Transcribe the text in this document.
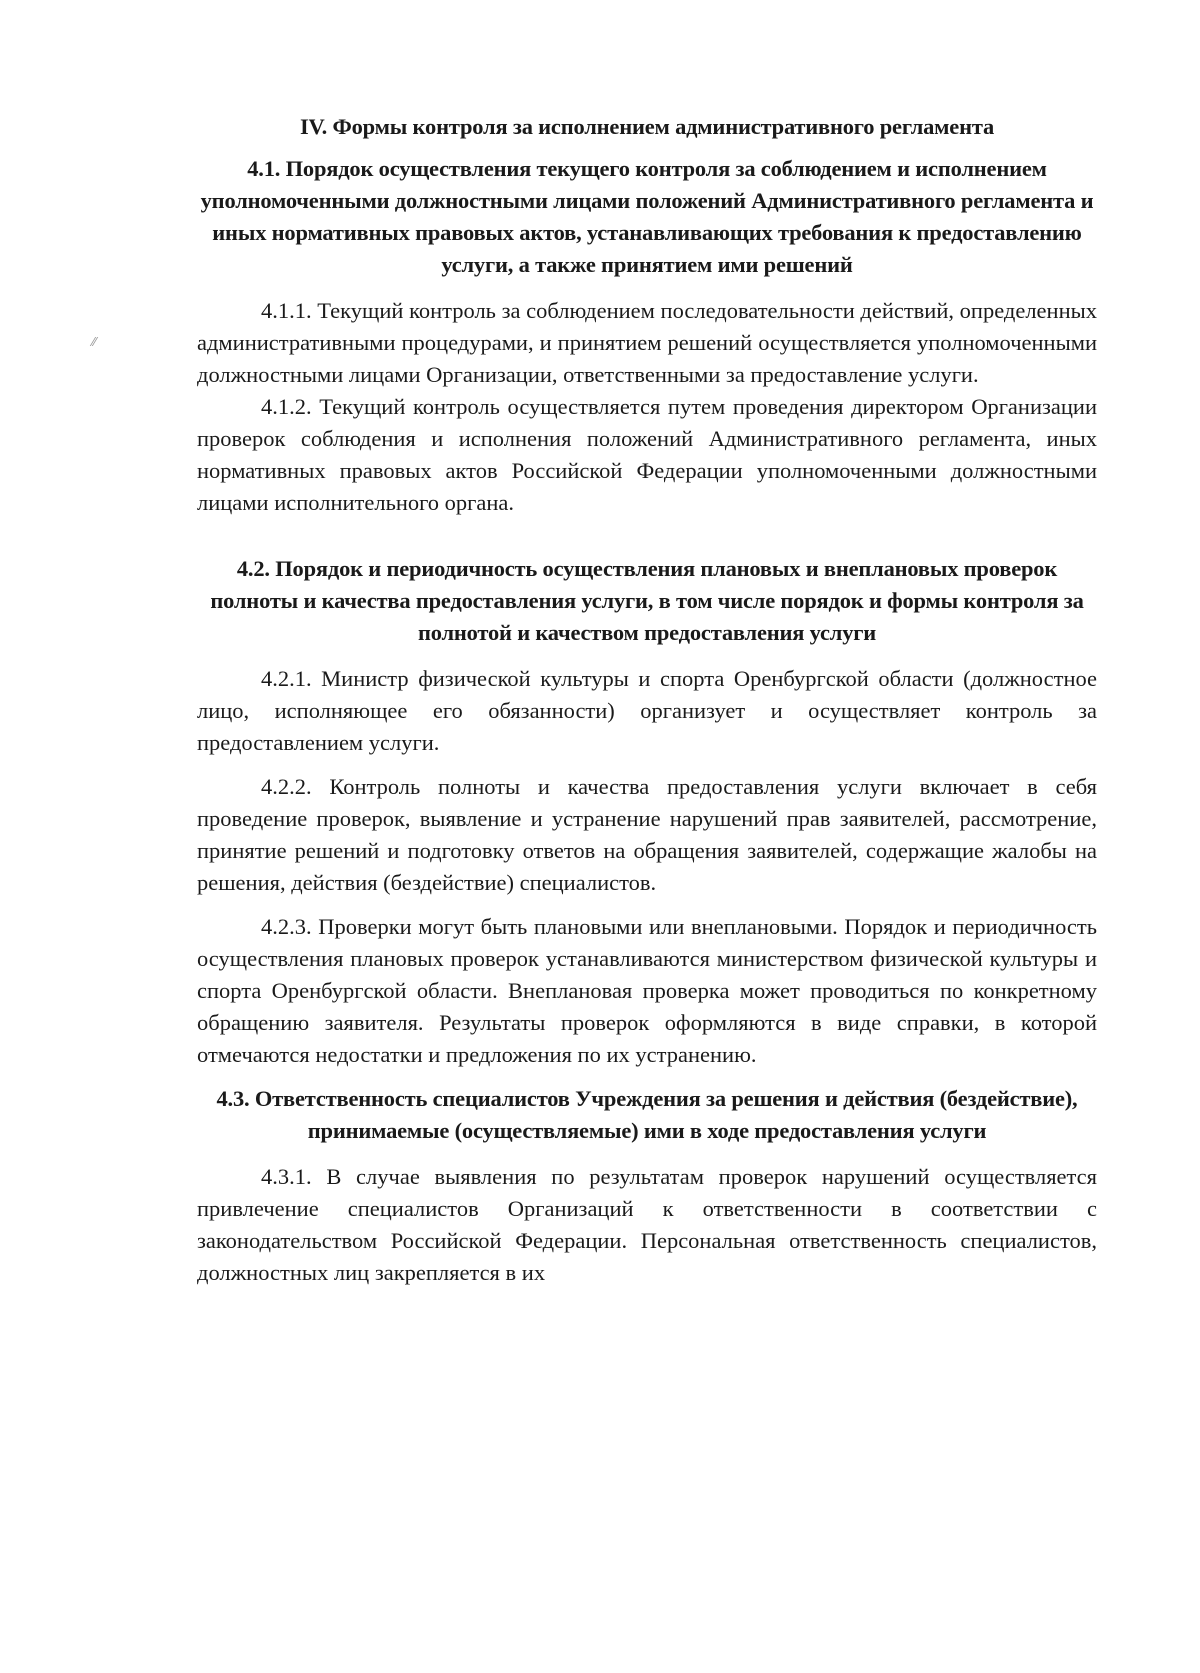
⁄⁄
IV. Формы контроля за исполнением административного регламента
4.1. Порядок осуществления текущего контроля за соблюдением и исполнением уполномоченными должностными лицами положений Административного регламента и иных нормативных правовых актов, устанавливающих требования к предоставлению услуги, а также принятием ими решений

4.1.1. Текущий контроль за соблюдением последовательности действий, определенных административными процедурами, и принятием решений осуществляется уполномоченными должностными лицами Организации, ответственными за предоставление услуги.

4.1.2. Текущий контроль осуществляется путем проведения директором Организации проверок соблюдения и исполнения положений Административного регламента, иных нормативных правовых актов Российской Федерации уполномоченными должностными лицами исполнительного органа.

4.2. Порядок и периодичность осуществления плановых и внеплановых проверок полноты и качества предоставления услуги, в том числе порядок и формы контроля за полнотой и качеством предоставления услуги

4.2.1. Министр физической культуры и спорта Оренбургской области (должностное лицо, исполняющее его обязанности) организует и осуществляет контроль за предоставлением услуги.

4.2.2. Контроль полноты и качества предоставления услуги включает в себя проведение проверок, выявление и устранение нарушений прав заявителей, рассмотрение, принятие решений и подготовку ответов на обращения заявителей, содержащие жалобы на решения, действия (бездействие) специалистов.

4.2.3. Проверки могут быть плановыми или внеплановыми. Порядок и периодичность осуществления плановых проверок устанавливаются министерством физической культуры и спорта Оренбургской области. Внеплановая проверка может проводиться по конкретному обращению заявителя. Результаты проверок оформляются в виде справки, в которой отмечаются недостатки и предложения по их устранению.

4.3. Ответственность специалистов Учреждения за решения и действия (бездействие), принимаемые (осуществляемые) ими в ходе предоставления услуги

4.3.1. В случае выявления по результатам проверок нарушений осуществляется привлечение специалистов Организаций к ответственности в соответствии с законодательством Российской Федерации. Персональная ответственность специалистов, должностных лиц закрепляется в их
